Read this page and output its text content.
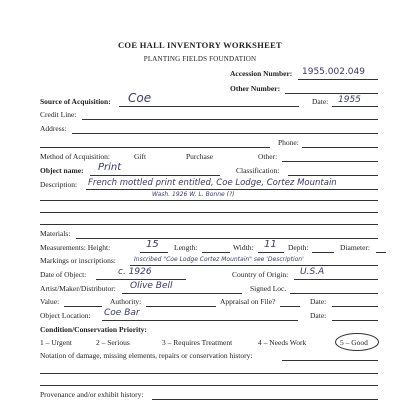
COE HALL INVENTORY WORKSHEET
PLANTING FIELDS FOUNDATION
Accession Number: 1955.002.049
Other Number:
Source of Acquisition: Coe	Date: 1955
Credit Line:
Address:
Phone:
Method of Acquisition:	Gift	Purchase	Other:
Object name: Print	Classification:
Description: French mottled print entitled, Coe Lodge, Cortez Mountain
Wash. 1926 W. L. Bonne (?)
Materials:
Measurements: Height:	15 Length:	Width: 11 Depth:	Diameter:
Markings or inscriptions:	Inscribed "Coe Lodge Cortez Mountain" see 'Description'
Date of Object:	c. 1926	Country of Origin: U.S.A
Artist/Maker/Distributor: Olive Bell	Signed Loc.
Value:	Authority:	Appraisal on File?	Date:
Object Location: Coe Bar	Date:
Condition/Conservation Priority:
1 – Urgent	2 – Serious	3 – Requires Treatment	4 – Needs Work	5 – Good
Notation of damage, missing elements, repairs or conservation history:
Provenance and/or exhibit history:
